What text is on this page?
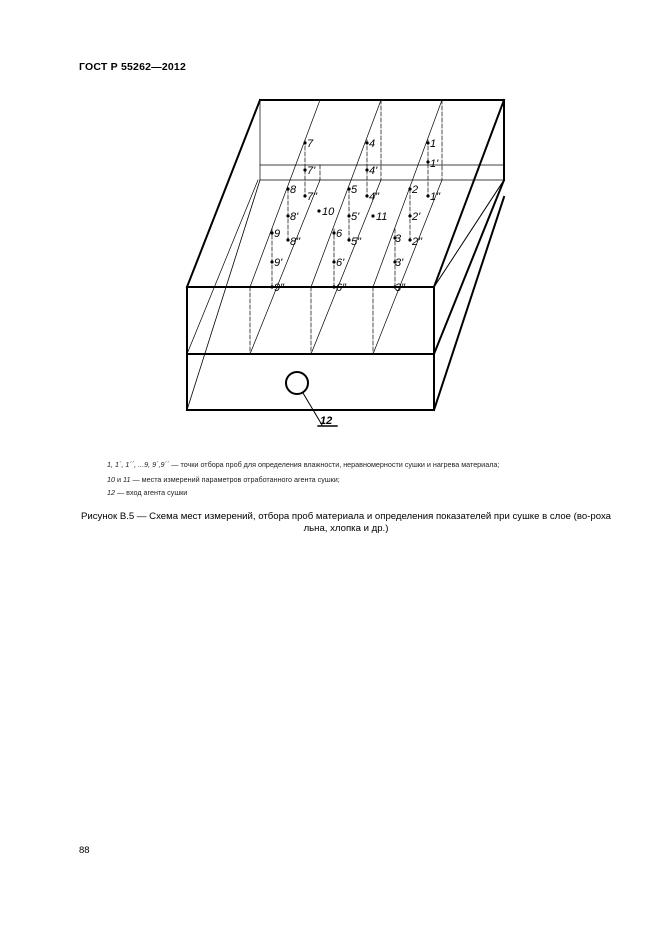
ГОСТ Р 55262—2012
7
7'
7"
4
4'
4"
1
1'
1"
8
8'
8"
5
5'
5"
2
2'
2"
9
9'
9"
6
6'
6"
3
3'
3"
10	11
12
1, 1´, 1´´, ...9, 9´,9´´ — точки отбора проб для определения влажности, неравномерности сушки и нагрева материала;
10 и 11 — места измерений параметров отработанного агента сушки;
12 — вход агента сушки
Рисунок В.5 — Схема мест измерений, отбора проб материала и определения показателей при сушке в слое (во-роха льна, хлопка и др.)
88
